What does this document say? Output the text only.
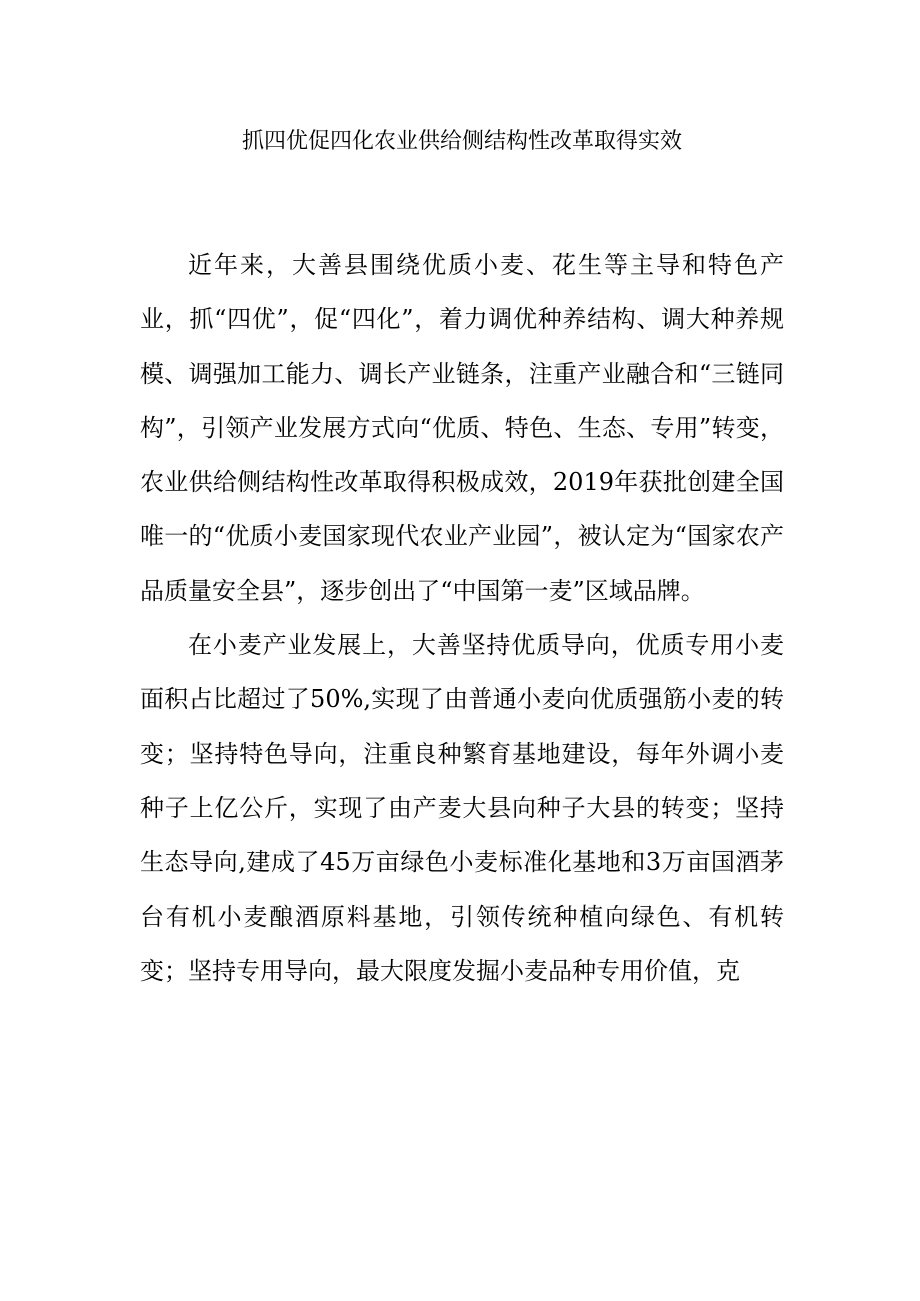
抓四优促四化农业供给侧结构性改革取得实效

近年来，大善县围绕优质小麦、花生等主导和特色产业，抓“四优”，促“四化”，着力调优种养结构、调大种养规模、调强加工能力、调长产业链条，注重产业融合和“三链同构”，引领产业发展方式向“优质、特色、生态、专用”转变，农业供给侧结构性改革取得积极成效，2019年获批创建全国唯一的“优质小麦国家现代农业产业园”，被认定为“国家农产品质量安全县”，逐步创出了“中国第一麦”区域品牌。

在小麦产业发展上，大善坚持优质导向，优质专用小麦面积占比超过了50%,实现了由普通小麦向优质强筋小麦的转变；坚持特色导向，注重良种繁育基地建设，每年外调小麦种子上亿公斤，实现了由产麦大县向种子大县的转变；坚持生态导向,建成了45万亩绿色小麦标准化基地和3万亩国酒茅台有机小麦酿酒原料基地，引领传统种植向绿色、有机转变；坚持专用导向，最大限度发掘小麦品种专用价值，克
